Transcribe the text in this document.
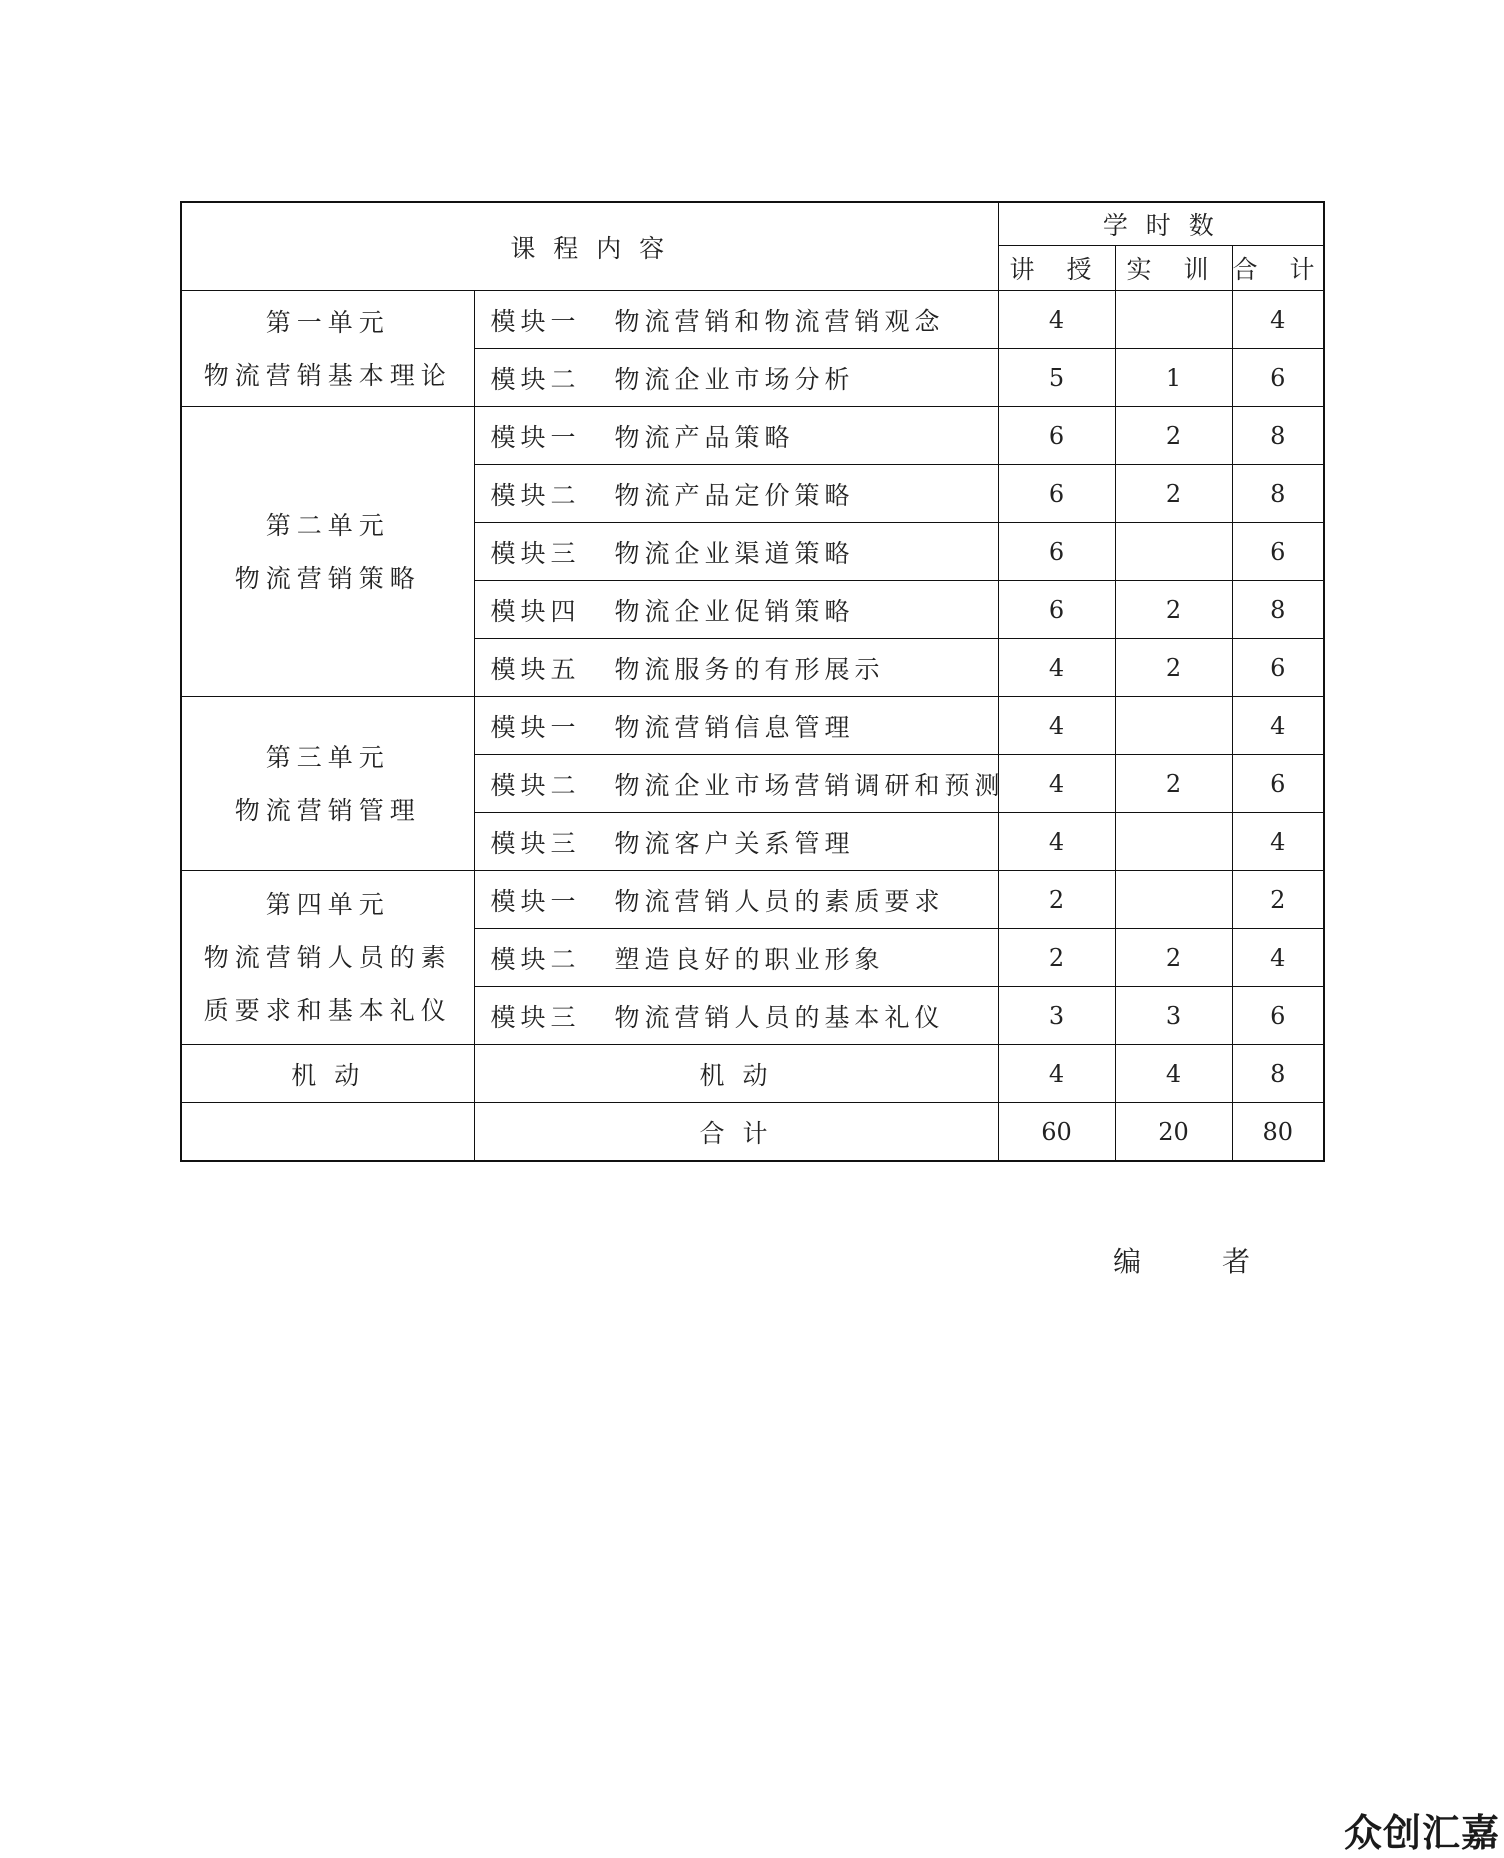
课 程 内 容		学 时 数		
		讲 授	实 训	合 计

第一单元
物流营销基本理论	模块一 物流营销和物流营销观念	4		4
	模块二 物流企业市场分析	5	1	6

第二单元
物流营销策略	模块一 物流产品策略	6	2	8
	模块二 物流产品定价策略	6	2	8
	模块三 物流企业渠道策略	6		6
	模块四 物流企业促销策略	6	2	8
	模块五 物流服务的有形展示	4	2	6

第三单元
物流营销管理	模块一 物流营销信息管理	4		4
	模块二 物流企业市场营销调研和预测	4	2	6
	模块三 物流客户关系管理	4		4

第四单元
物流营销人员的素
质要求和基本礼仪	模块一 物流营销人员的素质要求	2		2
	模块二 塑造良好的职业形象	2	2	4
	模块三 物流营销人员的基本礼仪	3	3	6
机 动	机 动	4	4	8
	合 计	60	20	80
编 者
众创汇嘉
